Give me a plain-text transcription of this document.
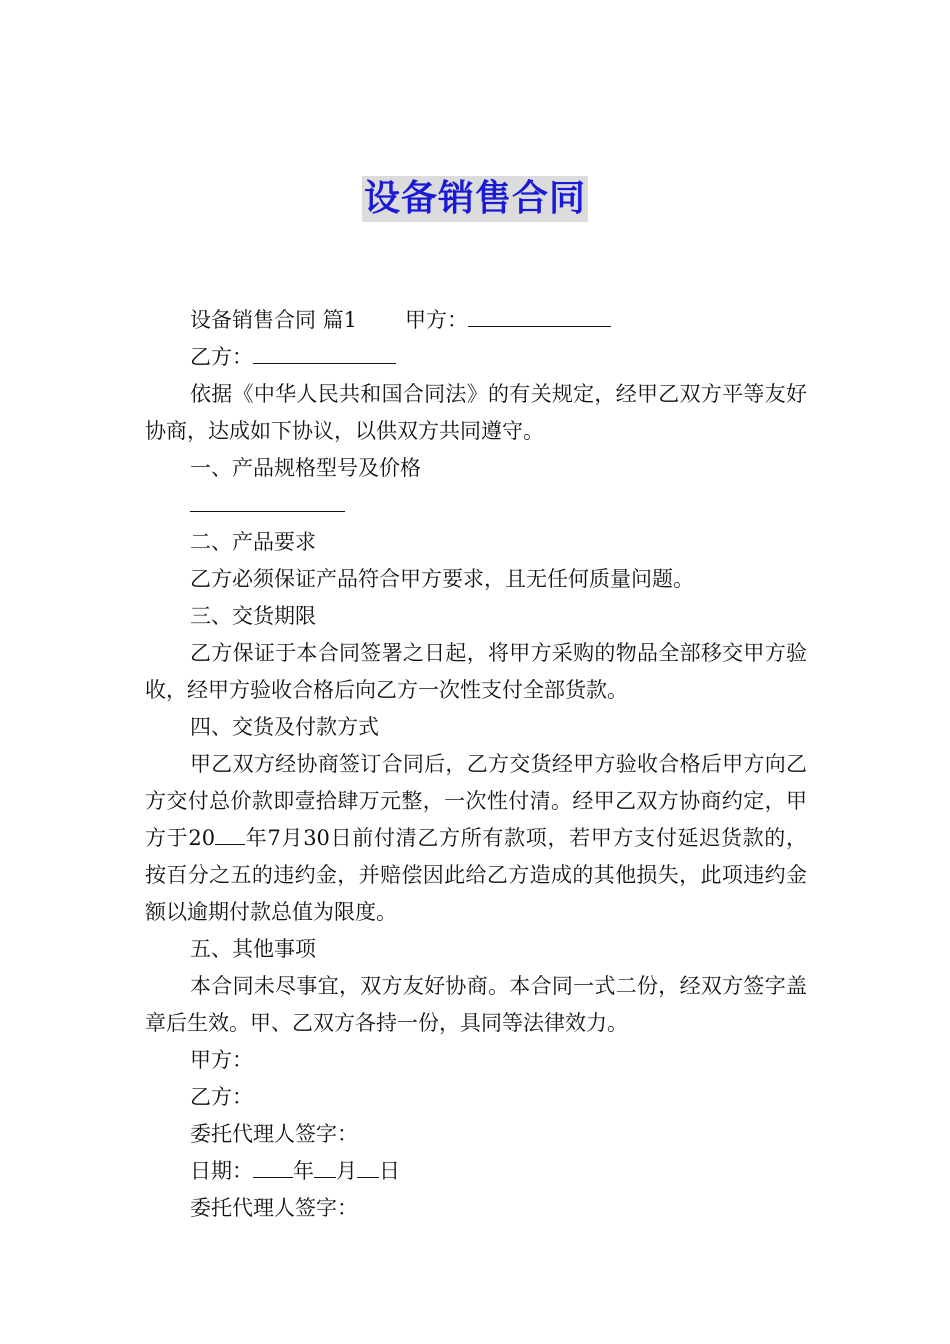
设备销售合同

设备销售合同 篇1 甲方：

乙方：

依据《中华人民共和国合同法》的有关规定，经甲乙双方平等友好协商，达成如下协议，以供双方共同遵守。

一、产品规格型号及价格

二、产品要求

乙方必须保证产品符合甲方要求，且无任何质量问题。

三、交货期限

乙方保证于本合同签署之日起，将甲方采购的物品全部移交甲方验收，经甲方验收合格后向乙方一次性支付全部货款。

四、交货及付款方式

甲乙双方经协商签订合同后，乙方交货经甲方验收合格后甲方向乙方交付总价款即壹拾肆万元整，一次性付清。经甲乙双方协商约定，甲方于20 年7月30日前付清乙方所有款项，若甲方支付延迟货款的，按百分之五的违约金，并赔偿因此给乙方造成的其他损失，此项违约金额以逾期付款总值为限度。

五、其他事项

本合同未尽事宜，双方友好协商。本合同一式二份，经双方签字盖章后生效。甲、乙双方各持一份，具同等法律效力。

甲方：

乙方：

委托代理人签字：

日期： 年 月 日

委托代理人签字：
